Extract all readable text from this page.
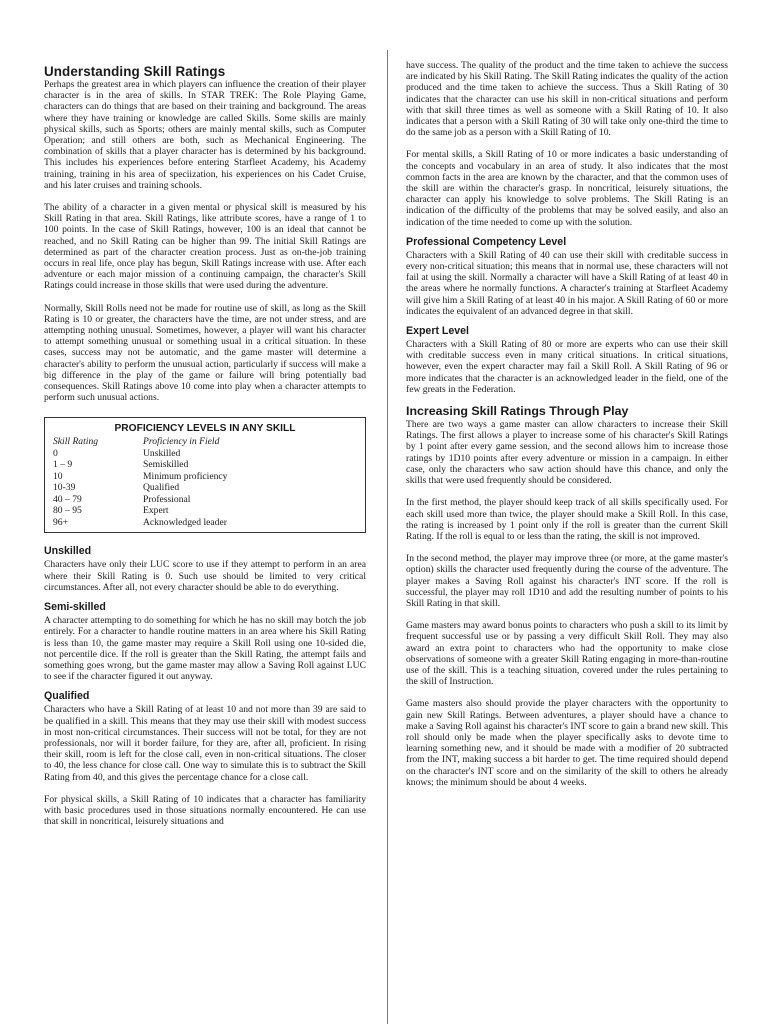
Understanding Skill Ratings

Perhaps the greatest area in which players can influence the creation of their player character is in the area of skills. In STAR TREK: The Role Playing Game, characters can do things that are based on their training and background. The areas where they have training or knowledge are called Skills. Some skills are mainly physical skills, such as Sports; others are mainly mental skills, such as Computer Operation; and still others are both, such as Mechanical Engineering. The combination of skills that a player character has is determined by his background. This includes his experiences before entering Starfleet Academy, his Academy training, training in his area of speciization, his experiences on his Cadet Cruise, and his later cruises and training schools.

The ability of a character in a given mental or physical skill is measured by his Skill Rating in that area. Skill Ratings, like attribute scores, have a range of 1 to 100 points. In the case of Skill Ratings, however, 100 is an ideal that cannot be reached, and no Skill Rating can be higher than 99. The initial Skill Ratings are determined as part of the character creation process. Just as on-the-job training occurs in real life, once play has begun, Skill Ratings increase with use. After each adventure or each major mission of a continuing campaign, the character's Skill Ratings could increase in those skills that were used during the adventure.

Normally, Skill Rolls need not be made for routine use of skill, as long as the Skill Rating is 10 or greater, the characters have the time, are not under stress, and are attempting nothing unusual. Sometimes, however, a player will want his character to attempt something unusual or something usual in a critical situation. In these cases, success may not be automatic, and the game master will determine a character's ability to perform the unusual action, particularly if success will make a big difference in the play of the game or failure will bring potentially bad consequences. Skill Ratings above 10 come into play when a character attempts to perform such unusual actions.

PROFICIENCY LEVELS IN ANY SKILL
Skill Rating	Proficiency in Field
0	Unskilled
1 – 9	Semiskilled
10	Minimum proficiency
10-39	Qualified
40 – 79	Professional
80 – 95	Expert
96+	Acknowledged leader
Unskilled

Characters have only their LUC score to use if they attempt to perform in an area where their Skill Rating is 0. Such use should be limited to very critical circumstances. After all, not every character should be able to do everything.

Semi-skilled

A character attempting to do something for which he has no skill may botch the job entirely. For a character to handle routine matters in an area where his Skill Rating is less than 10, the game master may require a Skill Roll using one 10-sided die, not percentile dice. If the roll is greater than the Skill Rating, the attempt fails and something goes wrong, but the game master may allow a Saving Roll against LUC to see if the character figured it out anyway.

Qualified

Characters who have a Skill Rating of at least 10 and not more than 39 are said to be qualified in a skill. This means that they may use their skill with modest success in most non-critical circumstances. Their success will not be total, for they are not professionals, nor will it border failure, for they are, after all, proficient. In rising their skill, room is left for the close call, even in non-critical situations. The closer to 40, the less chance for close call. One way to simulate this is to subtract the Skill Rating from 40, and this gives the percentage chance for a close call.

For physical skills, a Skill Rating of 10 indicates that a character has familiarity with basic procedures used in those situations normally encountered. He can use that skill in noncritical, leisurely situations and

have success. The quality of the product and the time taken to achieve the success are indicated by his Skill Rating. The Skill Rating indicates the quality of the action produced and the time taken to achieve the success. Thus a Skill Rating of 30 indicates that the character can use his skill in non-critical situations and perform with that skill three times as well as someone with a Skill Rating of 10. It also indicates that a person with a Skill Rating of 30 will take only one-third the time to do the same job as a person with a Skill Rating of 10.

For mental skills, a Skill Rating of 10 or more indicates a basic understanding of the concepts and vocabulary in an area of study. It also indicates that the most common facts in the area are known by the character, and that the common uses of the skill are within the character's grasp. In noncritical, leisurely situations, the character can apply his knowledge to solve problems. The Skill Rating is an indication of the difficulty of the problems that may be solved easily, and also an indication of the time needed to come up with the solution.

Professional Competency Level

Characters with a Skill Rating of 40 can use their skill with creditable success in every non-critical situation; this means that in normal use, these characters will not fail at using the skill. Normally a character will have a Skill Rating of at least 40 in the areas where he normally functions. A character's training at Starfleet Academy will give him a Skill Rating of at least 40 in his major. A Skill Rating of 60 or more indicates the equivalent of an advanced degree in that skill.

Expert Level

Characters with a Skill Rating of 80 or more are experts who can use their skill with creditable success even in many critical situations. In critical situations, however, even the expert character may fail a Skill Roll. A Skill Rating of 96 or more indicates that the character is an acknowledged leader in the field, one of the few greats in the Federation.

Increasing Skill Ratings Through Play

There are two ways a game master can allow characters to increase their Skill Ratings. The first allows a player to increase some of his character's Skill Ratings by 1 point after every game session, and the second allows him to increase those ratings by 1D10 points after every adventure or mission in a campaign. In either case, only the characters who saw action should have this chance, and only the skills that were used frequently should be considered.

In the first method, the player should keep track of all skills specifically used. For each skill used more than twice, the player should make a Skill Roll. In this case, the rating is increased by 1 point only if the roll is greater than the current Skill Rating. If the roll is equal to or less than the rating, the skill is not improved.

In the second method, the player may improve three (or more, at the game master's option) skills the character used frequently during the course of the adventure. The player makes a Saving Roll against his character's INT score. If the roll is successful, the player may roll 1D10 and add the resulting number of points to his Skill Rating in that skill.

Game masters may award bonus points to characters who push a skill to its limit by frequent successful use or by passing a very difficult Skill Roll. They may also award an extra point to characters who had the opportunity to make close observations of someone with a greater Skill Rating engaging in more-than-routine use of the skill. This is a teaching situation, covered under the rules pertaining to the skill of Instruction.

Game masters also should provide the player characters with the opportunity to gain new Skill Ratings. Between adventures, a player should have a chance to make a Saving Roll against his character's INT score to gain a brand new skill. This roll should only be made when the player specifically asks to devote time to learning something new, and it should be made with a modifier of 20 subtracted from the INT, making success a bit harder to get. The time required should depend on the character's INT score and on the similarity of the skill to others he already knows; the minimum should be about 4 weeks.
